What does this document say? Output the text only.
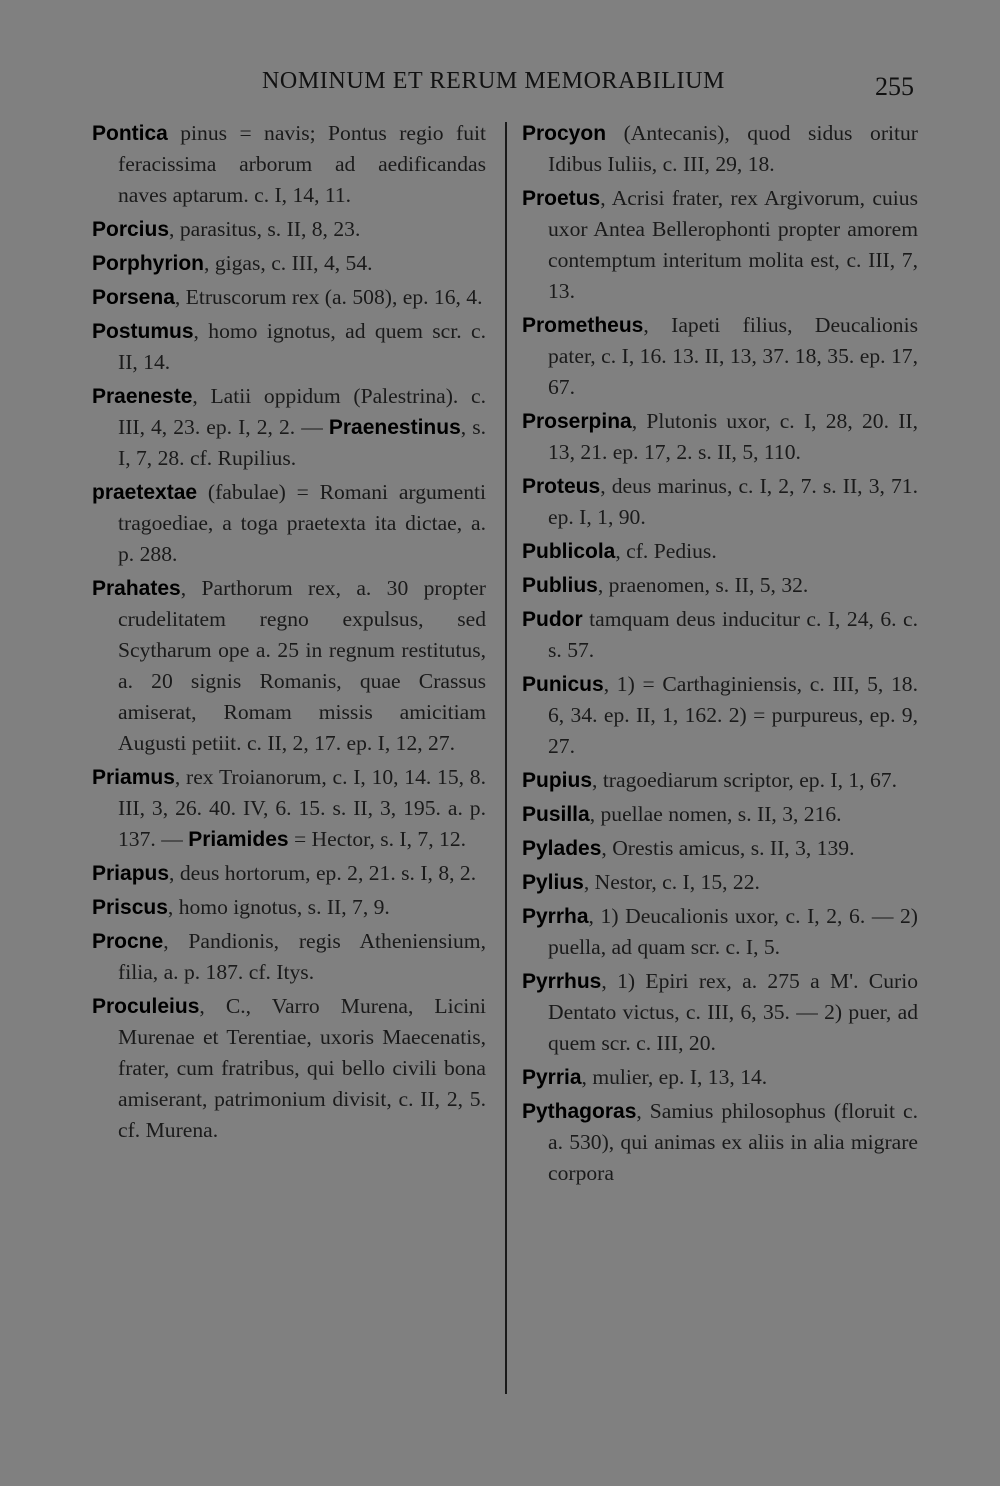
NOMINUM ET RERUM MEMORABILIUM	255

Pontica pinus = navis; Pontus regio fuit feracissima arborum ad aedificandas naves aptarum. c. I, 14, 11.

Porcius, parasitus, s. II, 8, 23.

Porphyrion, gigas, c. III, 4, 54.

Porsena, Etruscorum rex (a. 508), ep. 16, 4.

Postumus, homo ignotus, ad quem scr. c. II, 14.

Praeneste, Latii oppidum (Palestrina). c. III, 4, 23. ep. I, 2, 2. — Praenestinus, s. I, 7, 28. cf. Rupilius.

praetextae (fabulae) = Romani argumenti tragoediae, a toga praetexta ita dictae, a. p. 288.

Prahates, Parthorum rex, a. 30 propter crudelitatem regno expulsus, sed Scytharum ope a. 25 in regnum restitutus, a. 20 signis Romanis, quae Crassus amiserat, Romam missis amicitiam Augusti petiit. c. II, 2, 17. ep. I, 12, 27.

Priamus, rex Troianorum, c. I, 10, 14. 15, 8. III, 3, 26. 40. IV, 6. 15. s. II, 3, 195. a. p. 137. — Priamides = Hector, s. I, 7, 12.

Priapus, deus hortorum, ep. 2, 21. s. I, 8, 2.

Priscus, homo ignotus, s. II, 7, 9.

Procne, Pandionis, regis Atheniensium, filia, a. p. 187. cf. Itys.

Proculeius, C., Varro Murena, Licini Murenae et Terentiae, uxoris Maecenatis, frater, cum fratribus, qui bello civili bona amiserant, patrimonium divisit, c. II, 2, 5. cf. Murena.

Procyon (Antecanis), quod sidus oritur Idibus Iuliis, c. III, 29, 18.

Proetus, Acrisi frater, rex Argivorum, cuius uxor Antea Bellerophonti propter amorem contemptum interitum molita est, c. III, 7, 13.

Prometheus, Iapeti filius, Deucalionis pater, c. I, 16. 13. II, 13, 37. 18, 35. ep. 17, 67.

Proserpina, Plutonis uxor, c. I, 28, 20. II, 13, 21. ep. 17, 2. s. II, 5, 110.

Proteus, deus marinus, c. I, 2, 7. s. II, 3, 71. ep. I, 1, 90.

Publicola, cf. Pedius.

Publius, praenomen, s. II, 5, 32.

Pudor tamquam deus inducitur c. I, 24, 6. c. s. 57.

Punicus, 1) = Carthaginiensis, c. III, 5, 18. 6, 34. ep. II, 1, 162. 2) = purpureus, ep. 9, 27.

Pupius, tragoediarum scriptor, ep. I, 1, 67.

Pusilla, puellae nomen, s. II, 3, 216.

Pylades, Orestis amicus, s. II, 3, 139.

Pylius, Nestor, c. I, 15, 22.

Pyrrha, 1) Deucalionis uxor, c. I, 2, 6. — 2) puella, ad quam scr. c. I, 5.

Pyrrhus, 1) Epiri rex, a. 275 a M'. Curio Dentato victus, c. III, 6, 35. — 2) puer, ad quem scr. c. III, 20.

Pyrria, mulier, ep. I, 13, 14.

Pythagoras, Samius philosophus (floruit c. a. 530), qui animas ex aliis in alia migrare corpora
